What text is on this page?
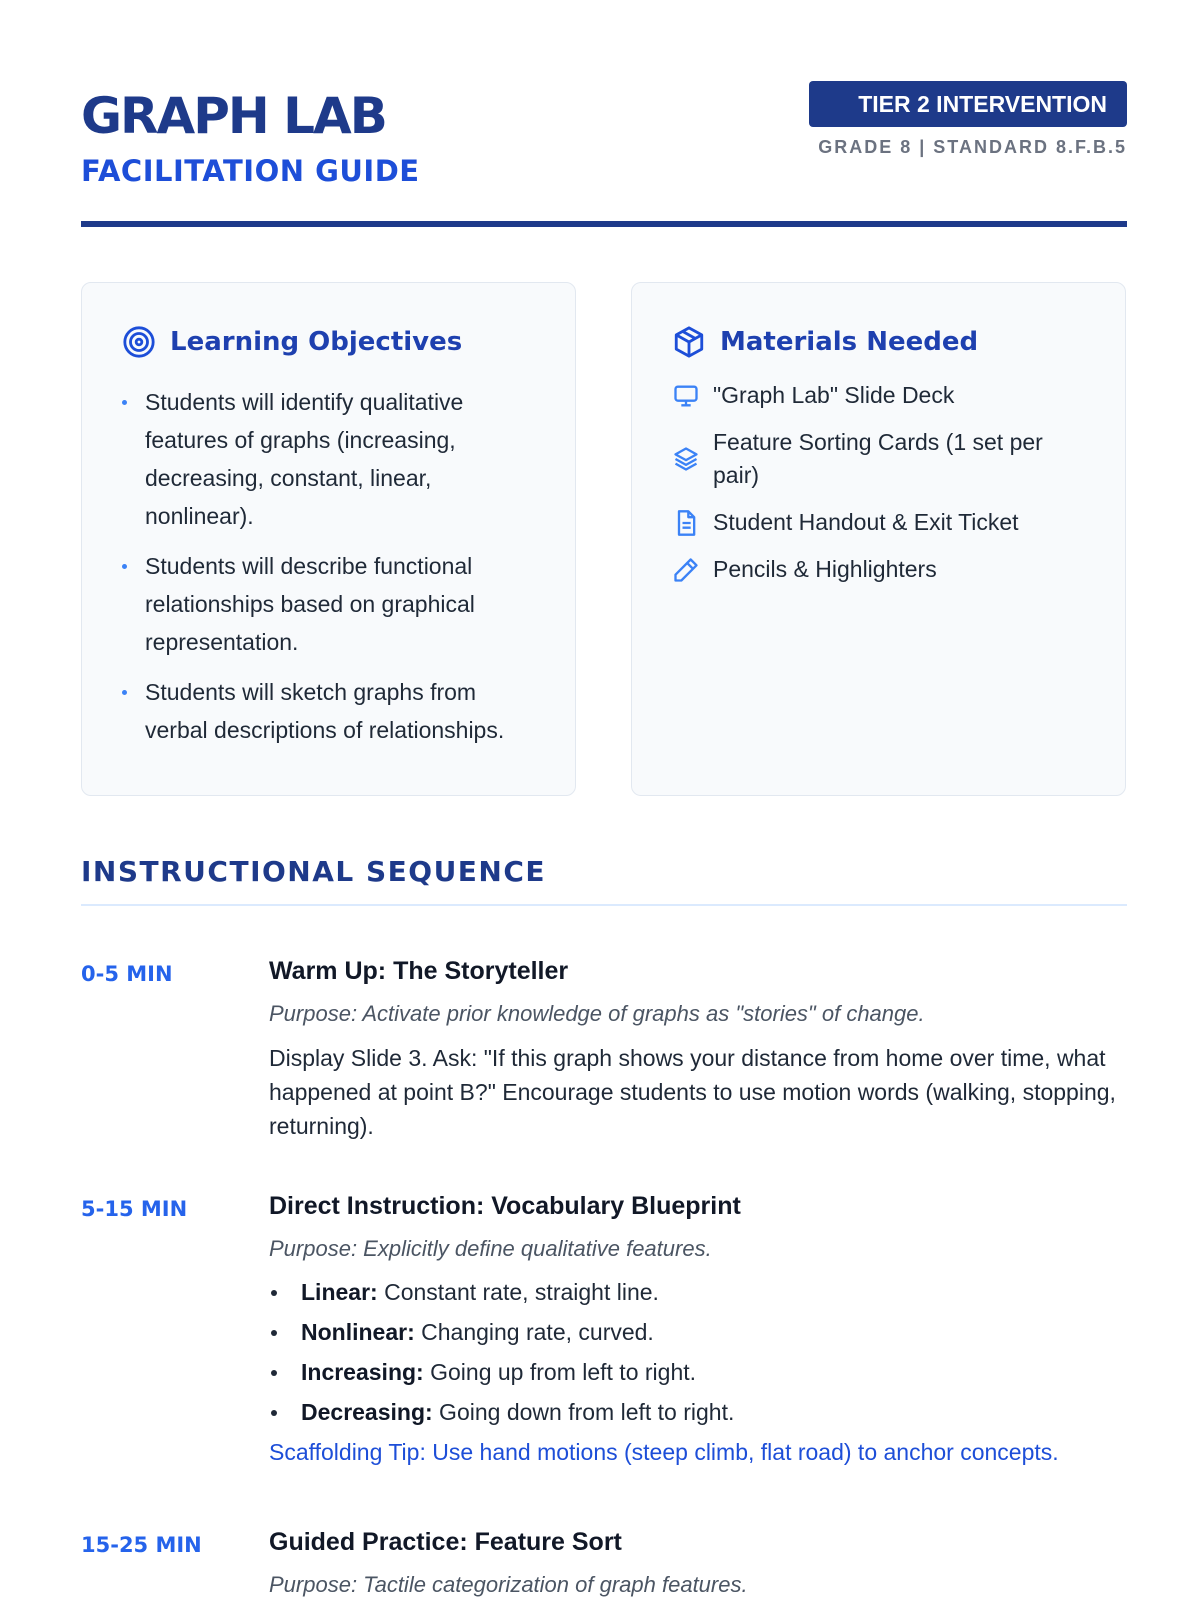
GRAPH LAB
FACILITATION GUIDE
TIER 2 INTERVENTION
GRADE 8 | STANDARD 8.F.B.5
Learning Objectives
Students will identify qualitative features of graphs (increasing, decreasing, constant, linear, nonlinear).
Students will describe functional relationships based on graphical representation.
Students will sketch graphs from verbal descriptions of relationships.
Materials Needed
"Graph Lab" Slide Deck
Feature Sorting Cards (1 set per pair)
Student Handout & Exit Ticket
Pencils & Highlighters
INSTRUCTIONAL SEQUENCE
0-5 MIN	Warm Up: The Storyteller
Purpose: Activate prior knowledge of graphs as "stories" of change.
Display Slide 3. Ask: "If this graph shows your distance from home over time, what happened at point B?" Encourage students to use motion words (walking, stopping, returning).
5-15 MIN	Direct Instruction: Vocabulary Blueprint
Purpose: Explicitly define qualitative features.
Linear: Constant rate, straight line.
Nonlinear: Changing rate, curved.
Increasing: Going up from left to right.
Decreasing: Going down from left to right.
Scaffolding Tip: Use hand motions (steep climb, flat road) to anchor concepts.
15-25 MIN	Guided Practice: Feature Sort
Purpose: Tactile categorization of graph features.
